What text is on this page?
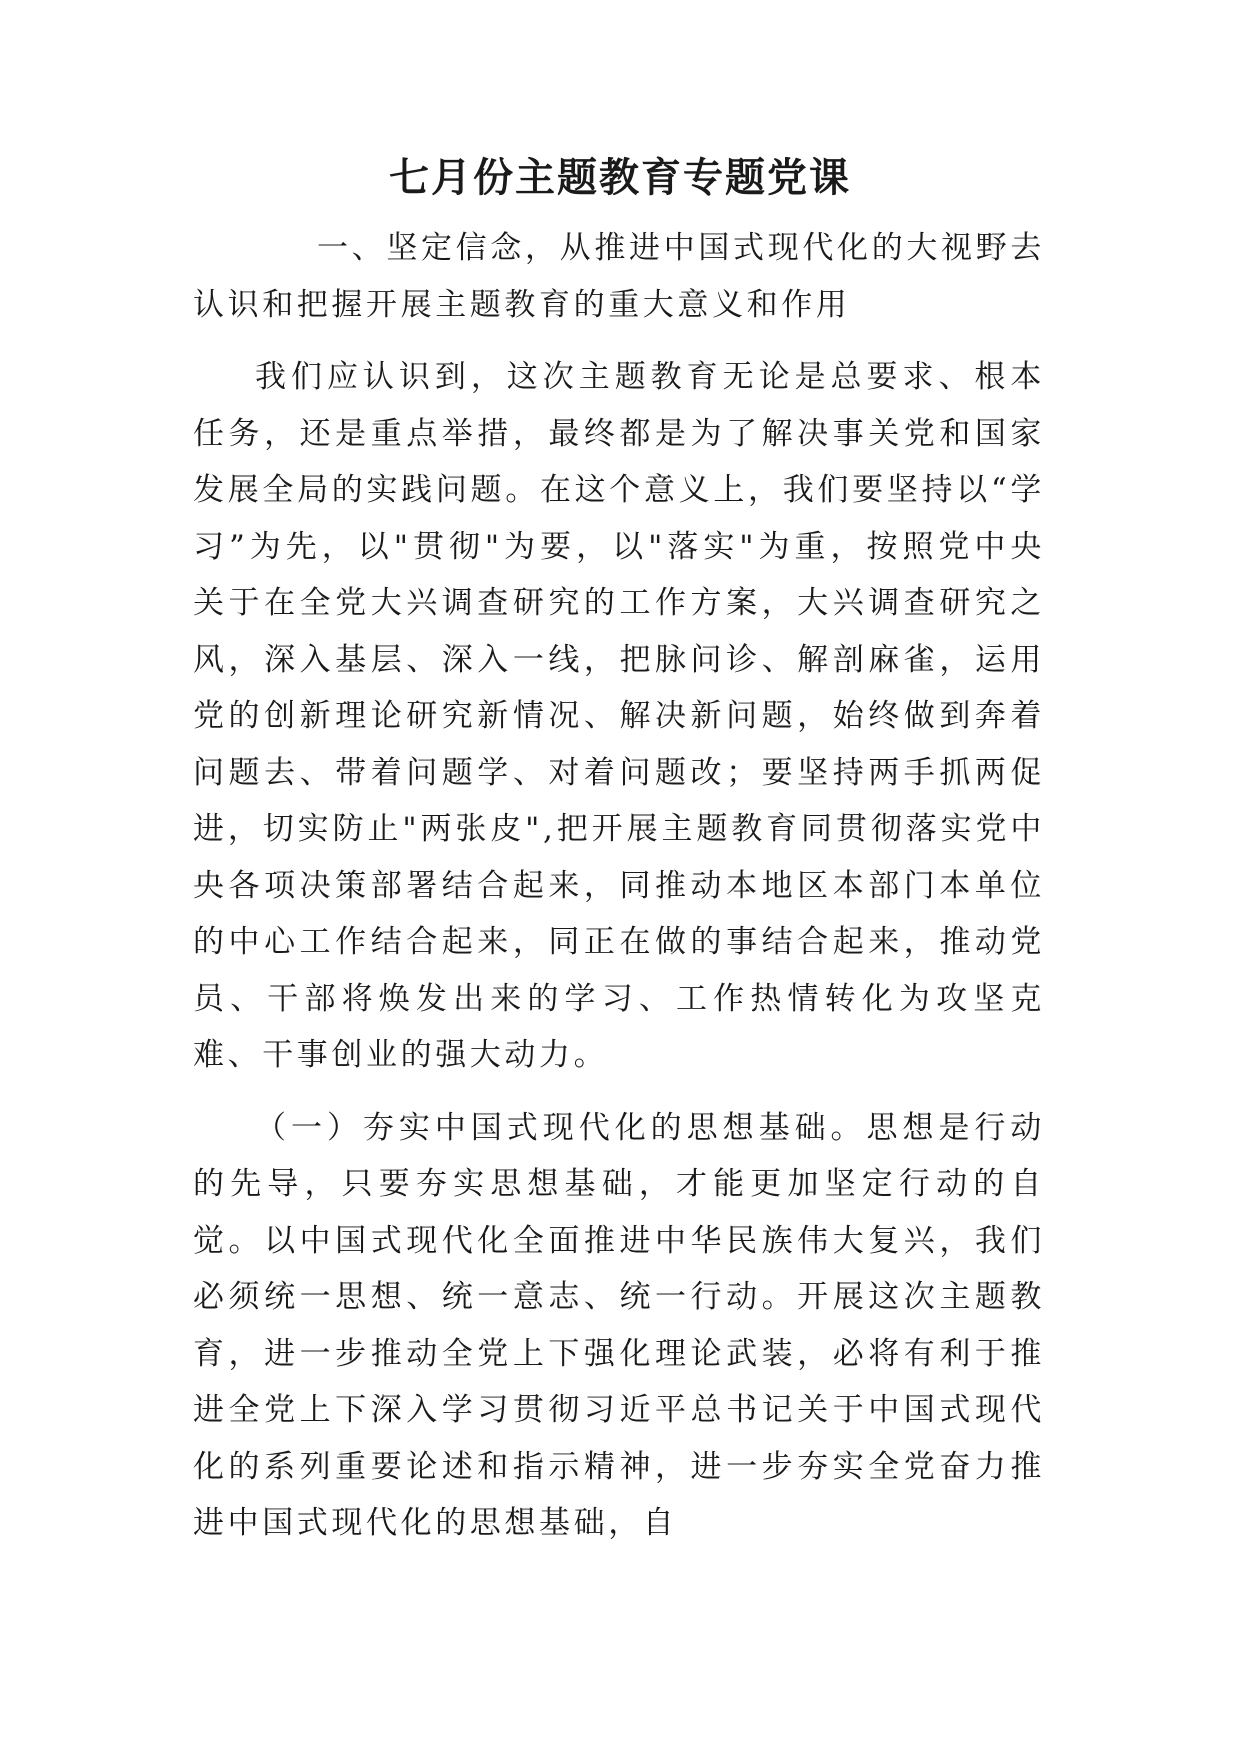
七月份主题教育专题党课

一、坚定信念，从推进中国式现代化的大视野去认识和把握开展主题教育的重大意义和作用

我们应认识到，这次主题教育无论是总要求、根本任务，还是重点举措，最终都是为了解决事关党和国家发展全局的实践问题。在这个意义上，我们要坚持以“学习”为先，以"贯彻"为要，以"落实"为重，按照党中央关于在全党大兴调查研究的工作方案，大兴调查研究之风，深入基层、深入一线，把脉问诊、解剖麻雀，运用党的创新理论研究新情况、解决新问题，始终做到奔着问题去、带着问题学、对着问题改；要坚持两手抓两促进，切实防止"两张皮",把开展主题教育同贯彻落实党中央各项决策部署结合起来，同推动本地区本部门本单位的中心工作结合起来，同正在做的事结合起来，推动党员、干部将焕发出来的学习、工作热情转化为攻坚克难、干事创业的强大动力。

（一）夯实中国式现代化的思想基础。思想是行动的先导，只要夯实思想基础，才能更加坚定行动的自觉。以中国式现代化全面推进中华民族伟大复兴，我们必须统一思想、统一意志、统一行动。开展这次主题教育，进一步推动全党上下强化理论武装，必将有利于推进全党上下深入学习贯彻习近平总书记关于中国式现代化的系列重要论述和指示精神，进一步夯实全党奋力推进中国式现代化的思想基础，自
